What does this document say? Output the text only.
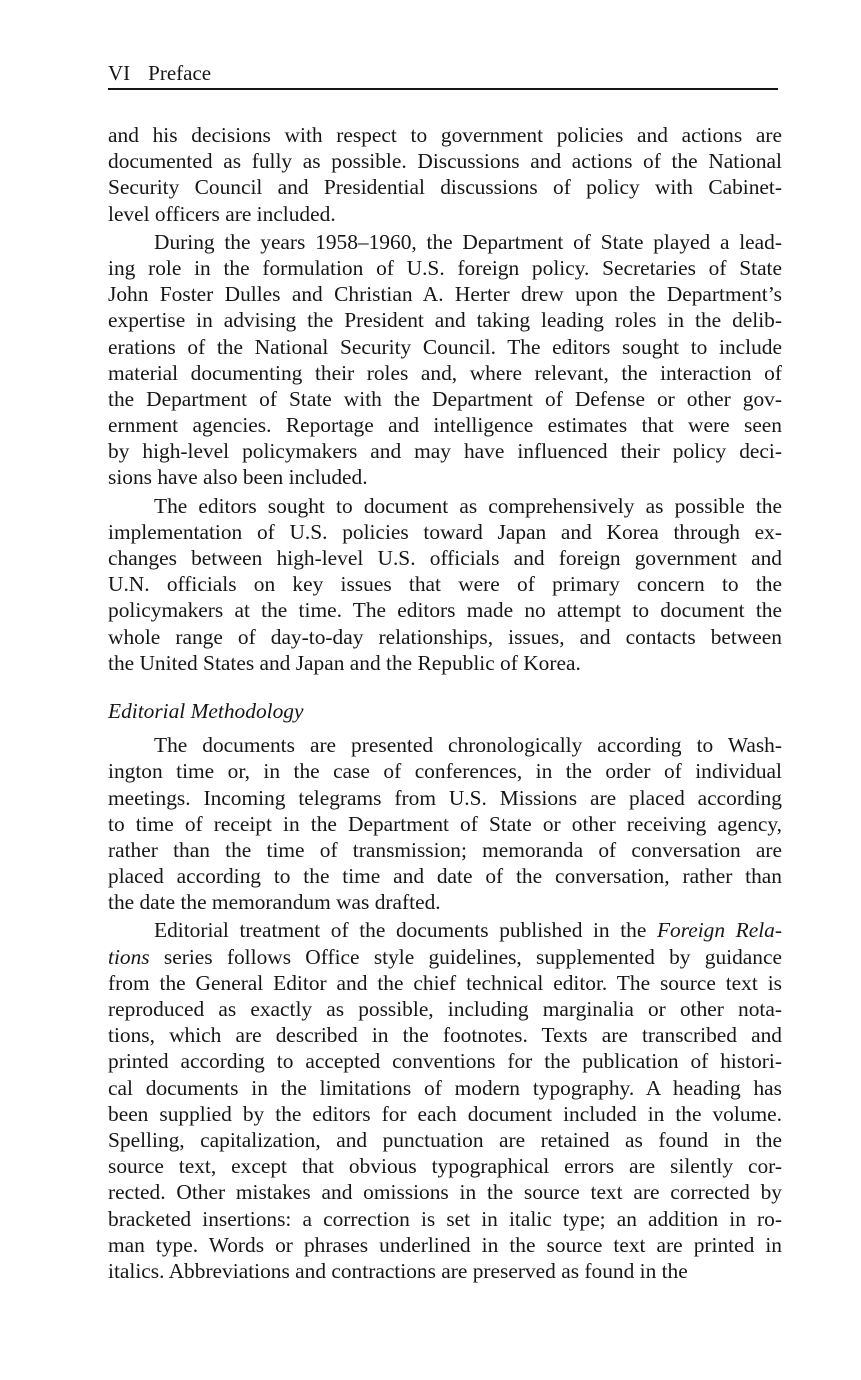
VI Preface
and his decisions with respect to government policies and actions are
documented as fully as possible. Discussions and actions of the National
Security Council and Presidential discussions of policy with Cabinet-
level officers are included.
During the years 1958–1960, the Department of State played a lead-
ing role in the formulation of U.S. foreign policy. Secretaries of State
John Foster Dulles and Christian A. Herter drew upon the Department’s
expertise in advising the President and taking leading roles in the delib-
erations of the National Security Council. The editors sought to include
material documenting their roles and, where relevant, the interaction of
the Department of State with the Department of Defense or other gov-
ernment agencies. Reportage and intelligence estimates that were seen
by high-level policymakers and may have influenced their policy deci-
sions have also been included.
The editors sought to document as comprehensively as possible the
implementation of U.S. policies toward Japan and Korea through ex-
changes between high-level U.S. officials and foreign government and
U.N. officials on key issues that were of primary concern to the
policymakers at the time. The editors made no attempt to document the
whole range of day-to-day relationships, issues, and contacts between
the United States and Japan and the Republic of Korea.
Editorial Methodology
The documents are presented chronologically according to Wash-
ington time or, in the case of conferences, in the order of individual
meetings. Incoming telegrams from U.S. Missions are placed according
to time of receipt in the Department of State or other receiving agency,
rather than the time of transmission; memoranda of conversation are
placed according to the time and date of the conversation, rather than
the date the memorandum was drafted.
Editorial treatment of the documents published in the Foreign Rela-
tions series follows Office style guidelines, supplemented by guidance
from the General Editor and the chief technical editor. The source text is
reproduced as exactly as possible, including marginalia or other nota-
tions, which are described in the footnotes. Texts are transcribed and
printed according to accepted conventions for the publication of histori-
cal documents in the limitations of modern typography. A heading has
been supplied by the editors for each document included in the volume.
Spelling, capitalization, and punctuation are retained as found in the
source text, except that obvious typographical errors are silently cor-
rected. Other mistakes and omissions in the source text are corrected by
bracketed insertions: a correction is set in italic type; an addition in ro-
man type. Words or phrases underlined in the source text are printed in
italics. Abbreviations and contractions are preserved as found in the
